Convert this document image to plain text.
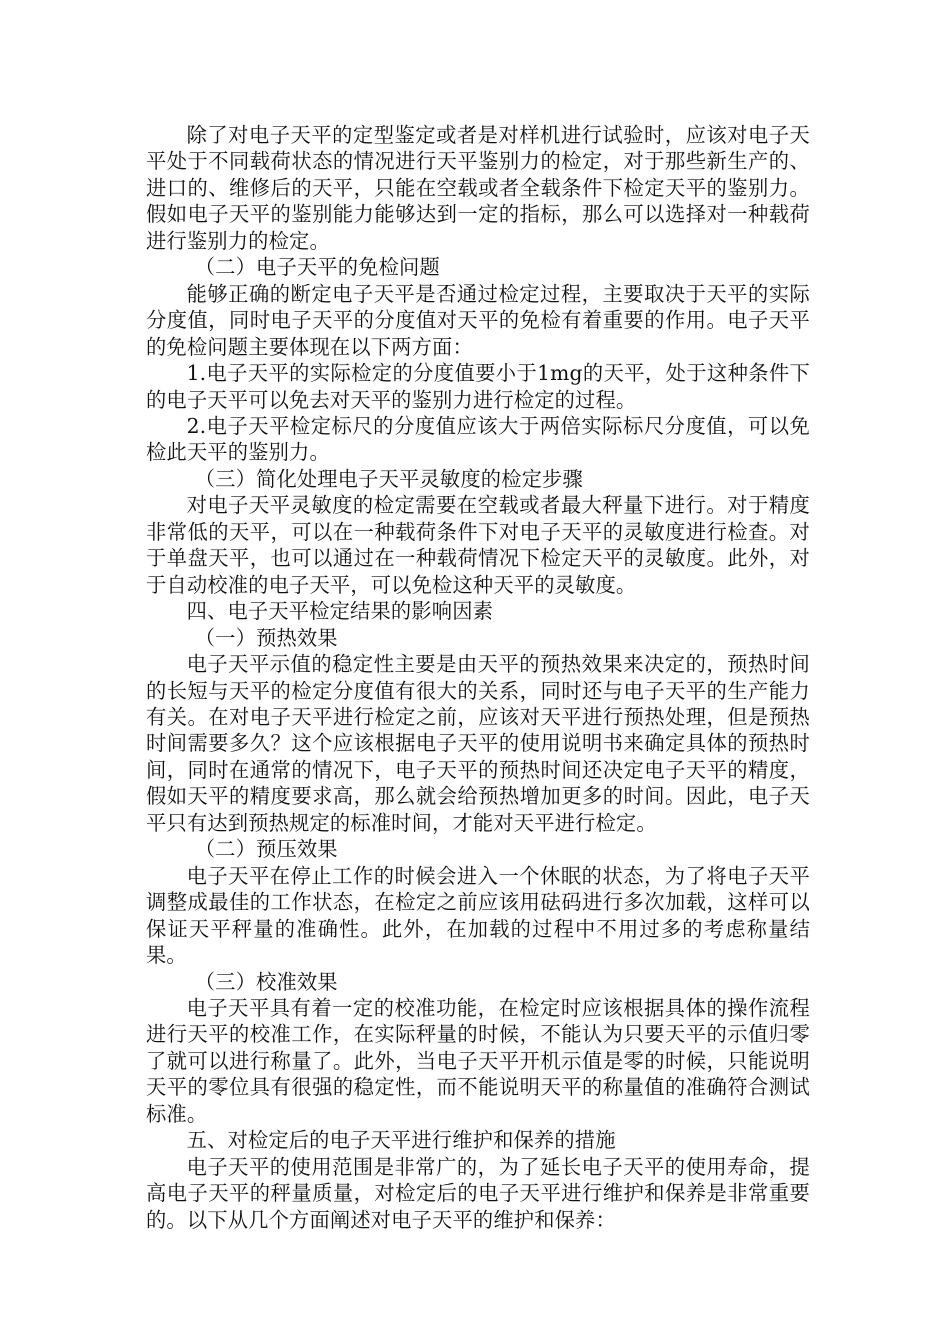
除了对电子天平的定型鉴定或者是对样机进行试验时，应该对电子天平处于不同载荷状态的情况进行天平鉴别力的检定，对于那些新生产的、进口的、维修后的天平，只能在空载或者全载条件下检定天平的鉴别力。假如电子天平的鉴别能力能够达到一定的指标，那么可以选择对一种载荷进行鉴别力的检定。

（二）电子天平的免检问题

能够正确的断定电子天平是否通过检定过程，主要取决于天平的实际分度值，同时电子天平的分度值对天平的免检有着重要的作用。电子天平的免检问题主要体现在以下两方面：

1.电子天平的实际检定的分度值要小于1mg的天平，处于这种条件下的电子天平可以免去对天平的鉴别力进行检定的过程。

2.电子天平检定标尺的分度值应该大于两倍实际标尺分度值，可以免检此天平的鉴别力。

（三）简化处理电子天平灵敏度的检定步骤

对电子天平灵敏度的检定需要在空载或者最大秤量下进行。对于精度非常低的天平，可以在一种载荷条件下对电子天平的灵敏度进行检查。对于单盘天平，也可以通过在一种载荷情况下检定天平的灵敏度。此外，对于自动校准的电子天平，可以免检这种天平的灵敏度。

四、电子天平检定结果的影响因素

（一）预热效果

电子天平示值的稳定性主要是由天平的预热效果来决定的，预热时间的长短与天平的检定分度值有很大的关系，同时还与电子天平的生产能力有关。在对电子天平进行检定之前，应该对天平进行预热处理，但是预热时间需要多久？这个应该根据电子天平的使用说明书来确定具体的预热时间，同时在通常的情况下，电子天平的预热时间还决定电子天平的精度，假如天平的精度要求高，那么就会给预热增加更多的时间。因此，电子天平只有达到预热规定的标准时间，才能对天平进行检定。

（二）预压效果

电子天平在停止工作的时候会进入一个休眠的状态，为了将电子天平调整成最佳的工作状态，在检定之前应该用砝码进行多次加载，这样可以保证天平秤量的准确性。此外，在加载的过程中不用过多的考虑称量结果。

（三）校准效果

电子天平具有着一定的校准功能，在检定时应该根据具体的操作流程进行天平的校准工作，在实际秤量的时候，不能认为只要天平的示值归零了就可以进行称量了。此外，当电子天平开机示值是零的时候，只能说明天平的零位具有很强的稳定性，而不能说明天平的称量值的准确符合测试标准。

五、对检定后的电子天平进行维护和保养的措施

电子天平的使用范围是非常广的，为了延长电子天平的使用寿命，提高电子天平的秤量质量，对检定后的电子天平进行维护和保养是非常重要的。以下从几个方面阐述对电子天平的维护和保养：
